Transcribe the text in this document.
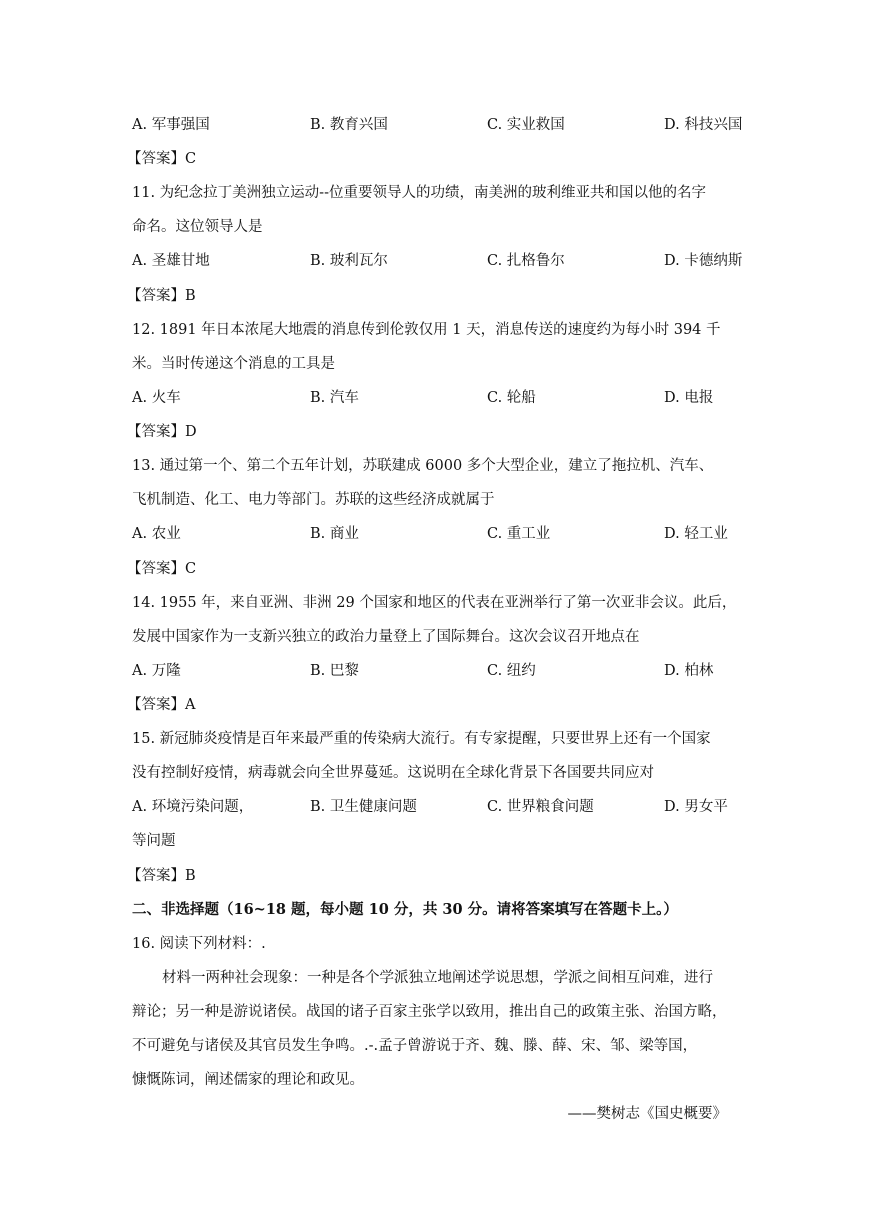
A. 军事强国	B. 教育兴国	C. 实业救国	D. 科技兴国
【答案】C
11. 为纪念拉丁美洲独立运动--位重要领导人的功绩，南美洲的玻利维亚共和国以他的名字
命名。这位领导人是
A. 圣雄甘地	B. 玻利瓦尔	C. 扎格鲁尔	D. 卡德纳斯
【答案】B
12. 1891 年日本浓尾大地震的消息传到伦敦仅用 1 天，消息传送的速度约为每小时 394 千
米。当时传递这个消息的工具是
A. 火车	B. 汽车	C. 轮船	D. 电报
【答案】D
13. 通过第一个、第二个五年计划，苏联建成 6000 多个大型企业，建立了拖拉机、汽车、
飞机制造、化工、电力等部门。苏联的这些经济成就属于
A. 农业	B. 商业	C. 重工业	D. 轻工业
【答案】C
14. 1955 年，来自亚洲、非洲 29 个国家和地区的代表在亚洲举行了第一次亚非会议。此后，
发展中国家作为一支新兴独立的政治力量登上了国际舞台。这次会议召开地点在
A. 万隆	B. 巴黎	C. 纽约	D. 柏林
【答案】A
15. 新冠肺炎疫情是百年来最严重的传染病大流行。有专家提醒，只要世界上还有一个国家
没有控制好疫情，病毒就会向全世界蔓延。这说明在全球化背景下各国要共同应对
A. 环境污染问题，	B. 卫生健康问题	C. 世界粮食问题	D. 男女平
等问题
【答案】B
二、非选择题（16~18 题，每小题 10 分，共 30 分。请将答案填写在答题卡上。）
16. 阅读下列材料：.
材料一两种社会现象：一种是各个学派独立地阐述学说思想，学派之间相互问难，进行
辩论；另一种是游说诸侯。战国的诸子百家主张学以致用，推出自己的政策主张、治国方略，
不可避免与诸侯及其官员发生争鸣。.-.孟子曾游说于齐、魏、滕、薛、宋、邹、梁等国，
慷慨陈词，阐述儒家的理论和政见。
——樊树志《国史概要》
